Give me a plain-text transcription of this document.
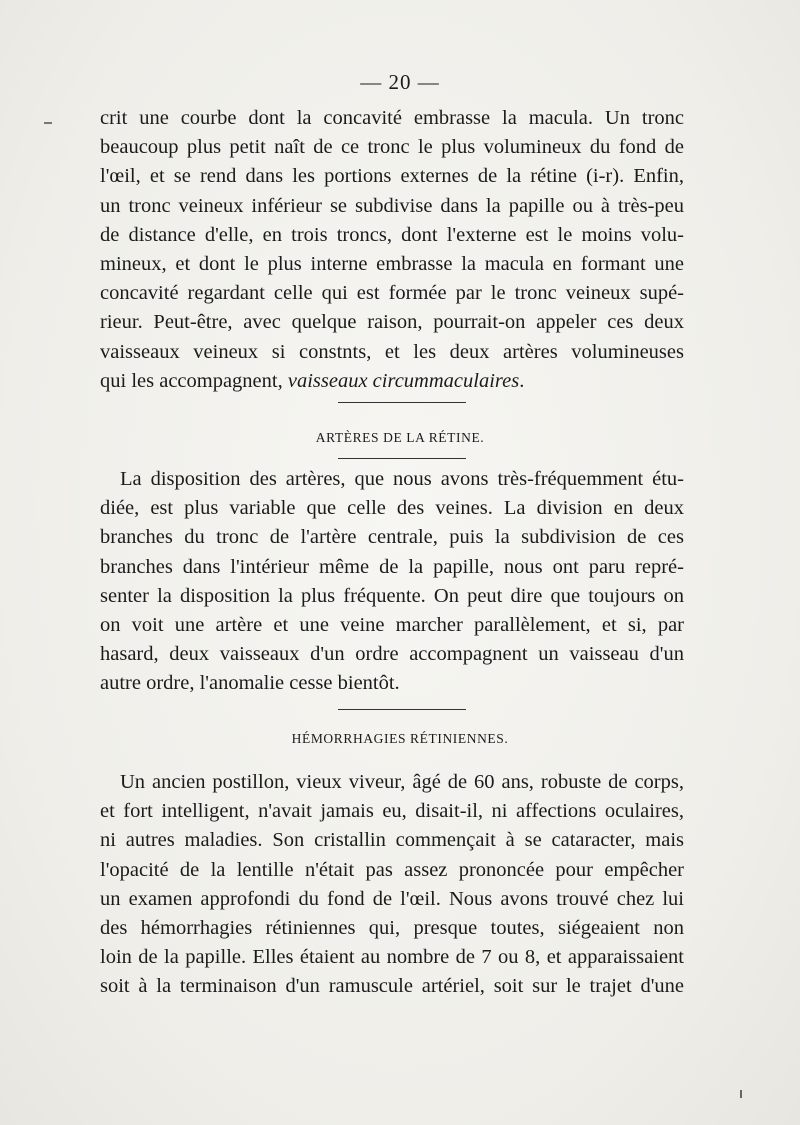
— 20 —
crit une courbe dont la concavité embrasse la macula. Un tronc
beaucoup plus petit naît de ce tronc le plus volumineux du fond de
l'œil, et se rend dans les portions externes de la rétine (i-r). Enfin,
un tronc veineux inférieur se subdivise dans la papille ou à très-peu
de distance d'elle, en trois troncs, dont l'externe est le moins volu-
mineux, et dont le plus interne embrasse la macula en formant une
concavité regardant celle qui est formée par le tronc veineux supé-
rieur. Peut-être, avec quelque raison, pourrait-on appeler ces deux
vaisseaux veineux si constnts, et les deux artères volumineuses
qui les accompagnent, vaisseaux circummaculaires.
ARTÈRES DE LA RÉTINE.
La disposition des artères, que nous avons très-fréquemment étu-
diée, est plus variable que celle des veines. La division en deux
branches du tronc de l'artère centrale, puis la subdivision de ces
branches dans l'intérieur même de la papille, nous ont paru repré-
senter la disposition la plus fréquente. On peut dire que toujours on
on voit une artère et une veine marcher parallèlement, et si, par
hasard, deux vaisseaux d'un ordre accompagnent un vaisseau d'un
autre ordre, l'anomalie cesse bientôt.
HÉMORRHAGIES RÉTINIENNES.
Un ancien postillon, vieux viveur, âgé de 60 ans, robuste de corps,
et fort intelligent, n'avait jamais eu, disait-il, ni affections oculaires,
ni autres maladies. Son cristallin commençait à se cataracter, mais
l'opacité de la lentille n'était pas assez prononcée pour empêcher
un examen approfondi du fond de l'œil. Nous avons trouvé chez lui
des hémorrhagies rétiniennes qui, presque toutes, siégeaient non
loin de la papille. Elles étaient au nombre de 7 ou 8, et apparaissaient
soit à la terminaison d'un ramuscule artériel, soit sur le trajet d'une
